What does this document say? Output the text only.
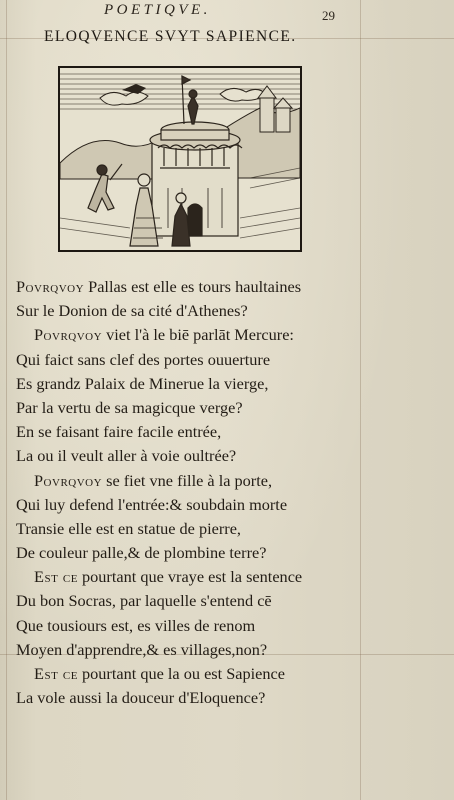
POETIQVE.	29
ELOQVENCE SVYT SAPIENCE.
Povrqvoy Pallas est elle es tours haultaines
Sur le Donion de sa cité d'Athenes?
Povrqvoy viet l'à le biē parlāt Mercure:
Qui faict sans clef des portes ouuerture
Es grandz Palaix de Minerue la vierge,
Par la vertu de sa magicque verge?
En se faisant faire facile entrée,
La ou il veult aller à voie oultrée?
Povrqvoy se fiet vne fille à la porte,
Qui luy defend l'entrée:& soubdain morte
Transie elle est en statue de pierre,
De couleur palle,& de plombine terre?
Est ce pourtant que vraye est la sentence
Du bon Socras, par laquelle s'entend cē
Que tousiours est, es villes de renom
Moyen d'apprendre,& es villages,non?
Est ce pourtant que la ou est Sapience
La vole aussi la douceur d'Eloquence?
